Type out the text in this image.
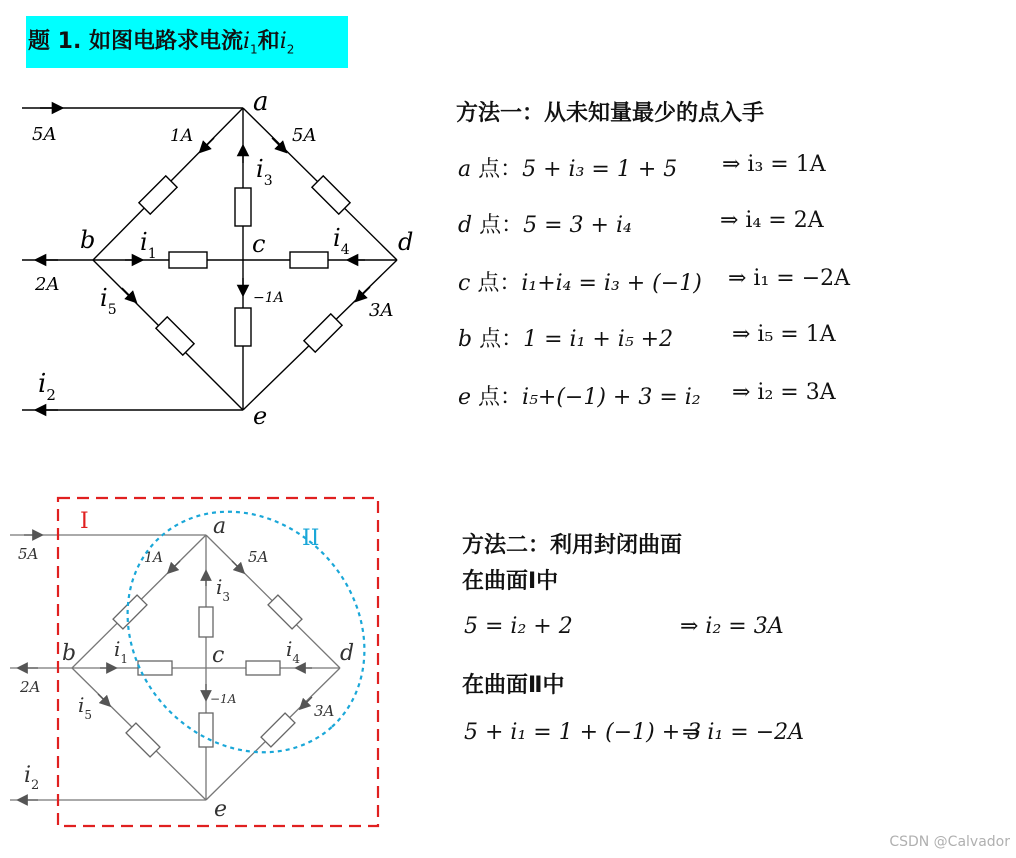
题 1. 如图电路求电流$i_1$和$i_2$
a
b	c	d
e
5A	1A	5A
$i_3$
$i_1$
$i_4$
−1A
3A
$i_5$
2A
$i_2$
a
b	c	d
e
5A	1A	5A
$i_3$
$i_1$	$i_4$
−1A
3A
$i_5$
2A
$i_2$
I
II
方法一：从未知量最少的点入手
a 点：5 + i₃ = 1 + 5 ⇒ i₃ = 1A
d 点：5 = 3 + i₄	⇒ i₄ = 2A
c 点：i₁+i₄ = i₃ + (−1) ⇒ i₁ = −2A
b 点：1 = i₁ + i₅ +2	⇒ i₅ = 1A
e 点：i₅+(−1) + 3 = i₂ ⇒ i₂ = 3A
方法二：利用封闭曲面
在曲面Ⅰ中
5 = i₂ + 2	⇒ i₂ = 3A
在曲面Ⅱ中
5 + i₁ = 1 + (−1) + 3
⇒ i₁ = −2A
CSDN @Calvador
